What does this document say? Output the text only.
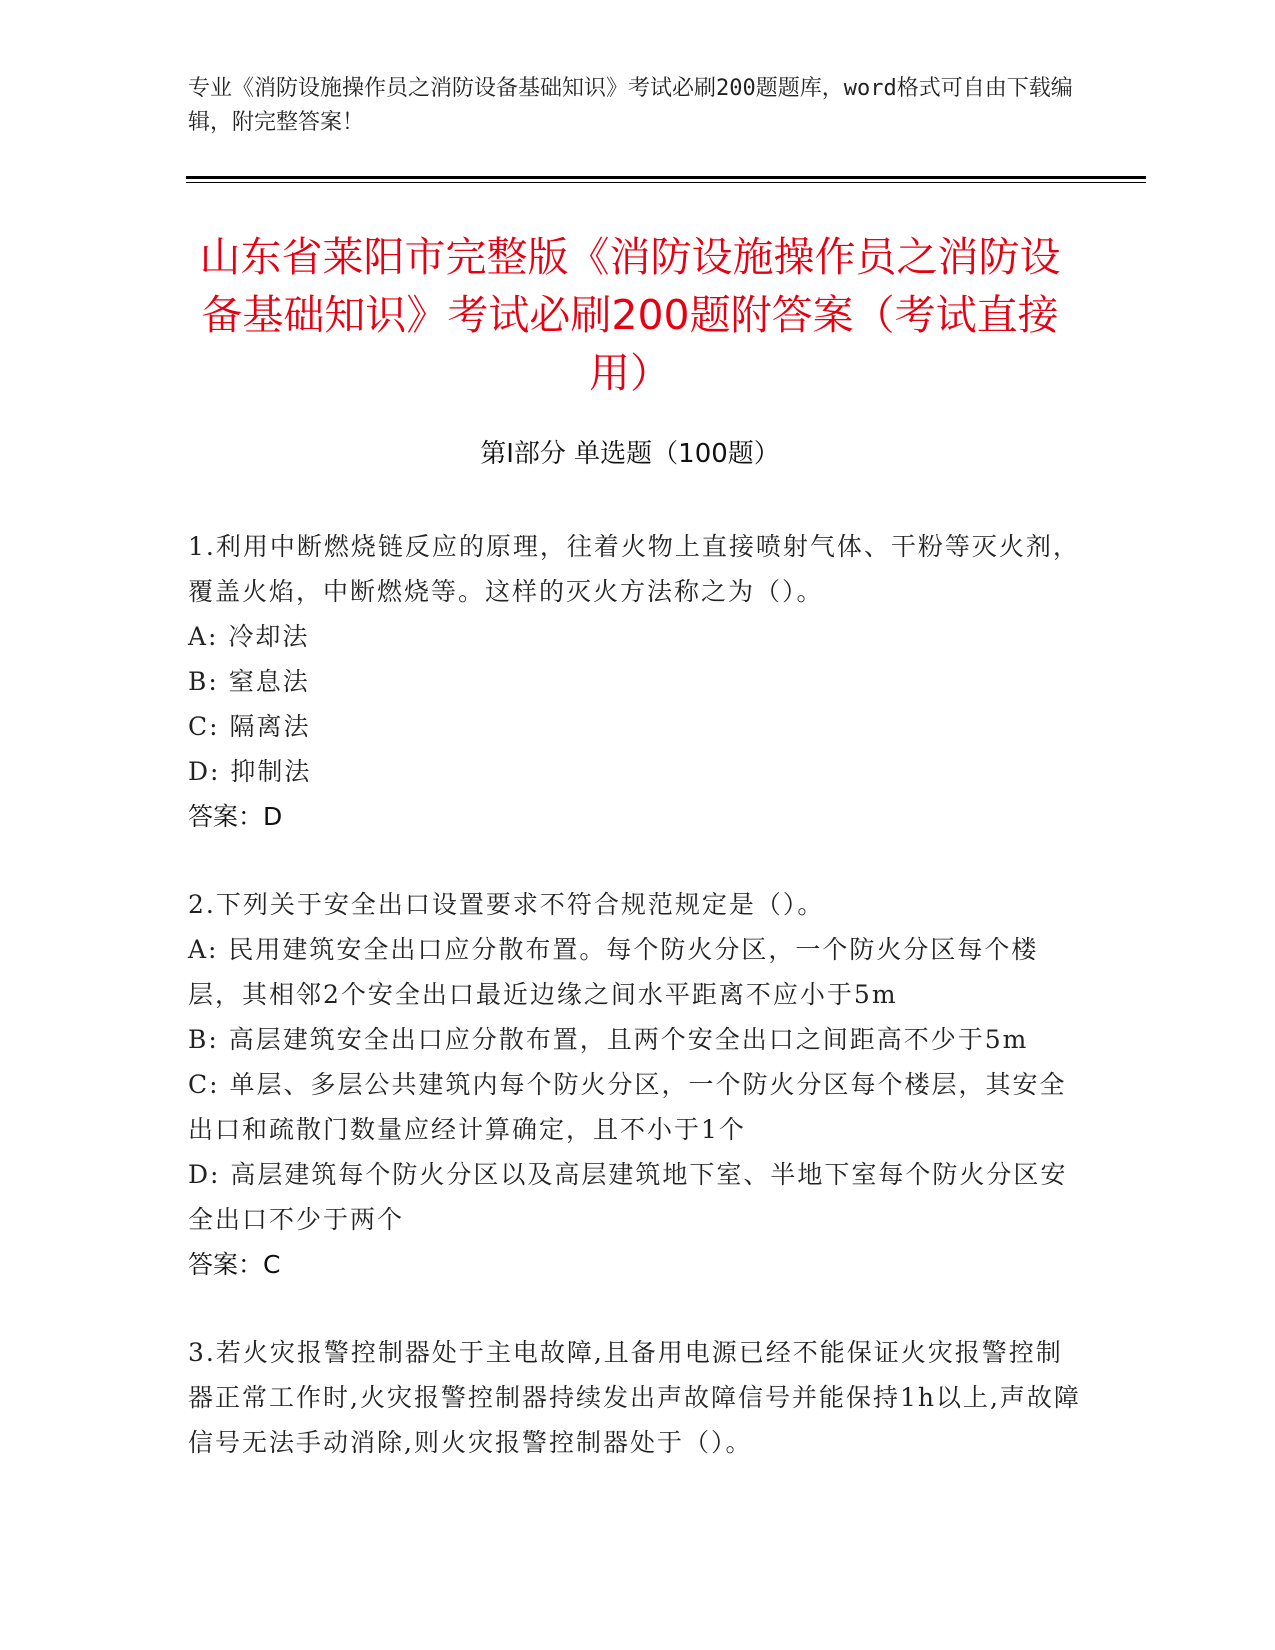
专业《消防设施操作员之消防设备基础知识》考试必刷200题题库，word格式可自由下载编辑，附完整答案！
山东省莱阳市完整版《消防设施操作员之消防设备基础知识》考试必刷200题附答案（考试直接用）
第I部分 单选题（100题）

1.利用中断燃烧链反应的原理，往着火物上直接喷射气体、干粉等灭火剂，覆盖火焰，中断燃烧等。这样的灭火方法称之为（）。

A: 冷却法

B: 窒息法

C: 隔离法

D: 抑制法

答案：D

2.下列关于安全出口设置要求不符合规范规定是（）。

A: 民用建筑安全出口应分散布置。每个防火分区，一个防火分区每个楼层，其相邻2个安全出口最近边缘之间水平距离不应小于5m

B: 高层建筑安全出口应分散布置，且两个安全出口之间距高不少于5m

C: 单层、多层公共建筑内每个防火分区，一个防火分区每个楼层，其安全出口和疏散门数量应经计算确定，且不小于1个

D: 高层建筑每个防火分区以及高层建筑地下室、半地下室每个防火分区安全出口不少于两个

答案：C

3.若火灾报警控制器处于主电故障,且备用电源已经不能保证火灾报警控制器正常工作时,火灾报警控制器持续发出声故障信号并能保持1h以上,声故障信号无法手动消除,则火灾报警控制器处于（）。
